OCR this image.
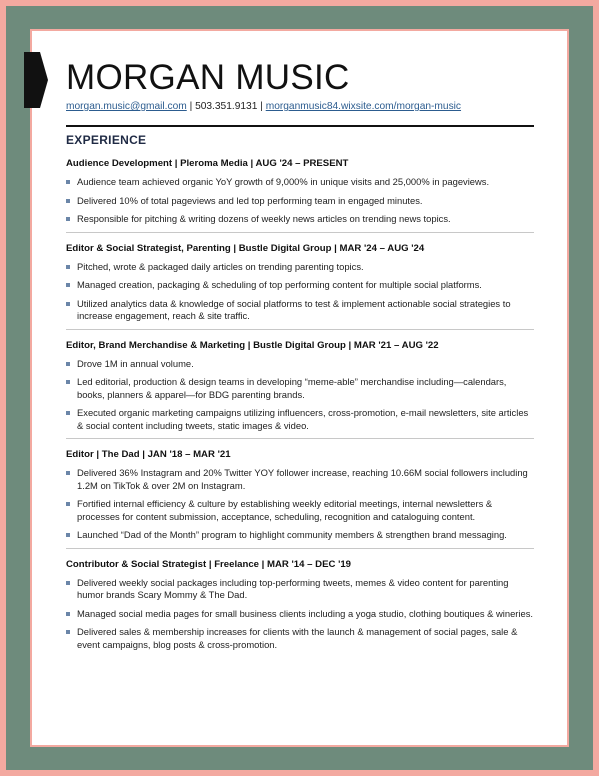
MORGAN MUSIC
morgan.music@gmail.com | 503.351.9131 | morganmusic84.wixsite.com/morgan-music
EXPERIENCE
Audience Development | Pleroma Media | AUG '24 – PRESENT
Audience team achieved organic YoY growth of 9,000% in unique visits and 25,000% in pageviews.
Delivered 10% of total pageviews and led top performing team in engaged minutes.
Responsible for pitching & writing dozens of weekly news articles on trending news topics.
Editor & Social Strategist, Parenting | Bustle Digital Group | MAR '24 – AUG '24
Pitched, wrote & packaged daily articles on trending parenting topics.
Managed creation, packaging & scheduling of top performing content for multiple social platforms.
Utilized analytics data & knowledge of social platforms to test & implement actionable social strategies to increase engagement, reach & site traffic.
Editor, Brand Merchandise & Marketing | Bustle Digital Group | MAR '21 – AUG '22
Drove 1M in annual volume.
Led editorial, production & design teams in developing “meme-able” merchandise including—calendars, books, planners & apparel—for BDG parenting brands.
Executed organic marketing campaigns utilizing influencers, cross-promotion, e-mail newsletters, site articles & social content including tweets, static images & video.
Editor | The Dad | JAN '18 – MAR '21
Delivered 36% Instagram and 20% Twitter YOY follower increase, reaching 10.66M social followers including 1.2M on TikTok & over 2M on Instagram.
Fortified internal efficiency & culture by establishing weekly editorial meetings, internal newsletters & processes for content submission, acceptance, scheduling, recognition and cataloguing content.
Launched “Dad of the Month” program to highlight community members & strengthen brand messaging.
Contributor & Social Strategist | Freelance | MAR '14 – DEC '19
Delivered weekly social packages including top-performing tweets, memes & video content for parenting humor brands Scary Mommy & The Dad.
Managed social media pages for small business clients including a yoga studio, clothing boutiques & wineries.
Delivered sales & membership increases for clients with the launch & management of social pages, sale & event campaigns, blog posts & cross-promotion.
